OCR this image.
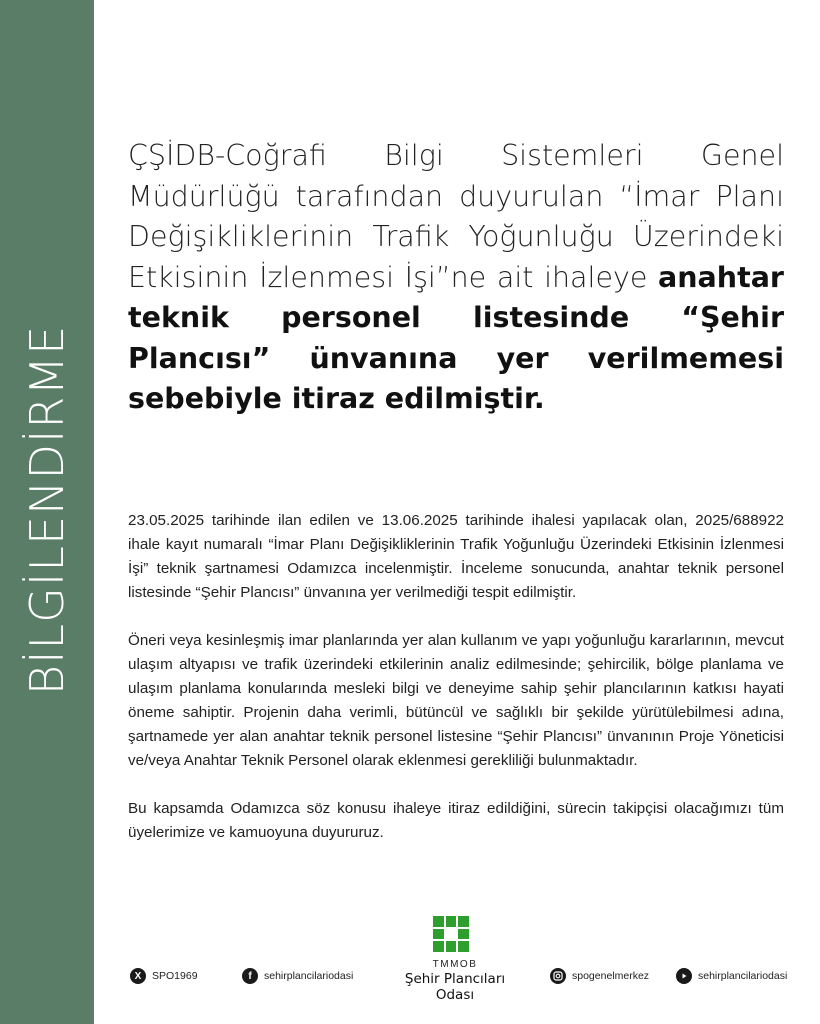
BİLGİLENDİRME
ÇŞİDB-Coğrafi Bilgi Sistemleri Genel Müdürlüğü tarafından duyurulan “İmar Planı Değişikliklerinin Trafik Yoğunluğu Üzerindeki Etkisinin İzlenmesi İşi”ne ait ihaleye anahtar teknik personel listesinde “Şehir Plancısı” ünvanına yer verilmemesi sebebiyle itiraz edilmiştir.

23.05.2025 tarihinde ilan edilen ve 13.06.2025 tarihinde ihalesi yapılacak olan, 2025/688922 ihale kayıt numaralı “İmar Planı Değişikliklerinin Trafik Yoğunluğu Üzerindeki Etkisinin İzlenmesi İşi” teknik şartnamesi Odamızca incelenmiştir. İnceleme sonucunda, anahtar teknik personel listesinde “Şehir Plancısı” ünvanına yer verilmediği tespit edilmiştir.

Öneri veya kesinleşmiş imar planlarında yer alan kullanım ve yapı yoğunluğu kararlarının, mevcut ulaşım altyapısı ve trafik üzerindeki etkilerinin analiz edilmesinde; şehircilik, bölge planlama ve ulaşım planlama konularında mesleki bilgi ve deneyime sahip şehir plancılarının katkısı hayati öneme sahiptir. Projenin daha verimli, bütüncül ve sağlıklı bir şekilde yürütülebilmesi adına, şartnamede yer alan anahtar teknik personel listesine “Şehir Plancısı” ünvanının Proje Yöneticisi ve/veya Anahtar Teknik Personel olarak eklenmesi gerekliliği bulunmaktadır.

Bu kapsamda Odamızca söz konusu ihaleye itiraz edildiğini, sürecin takipçisi olacağımızı tüm üyelerimize ve kamuoyuna duyururuz.

TMMOB
Şehir Plancıları Odası
X	SPO1969	f	sehirplancilariodasi	spogenelmerkez	sehirplancilariodasi
